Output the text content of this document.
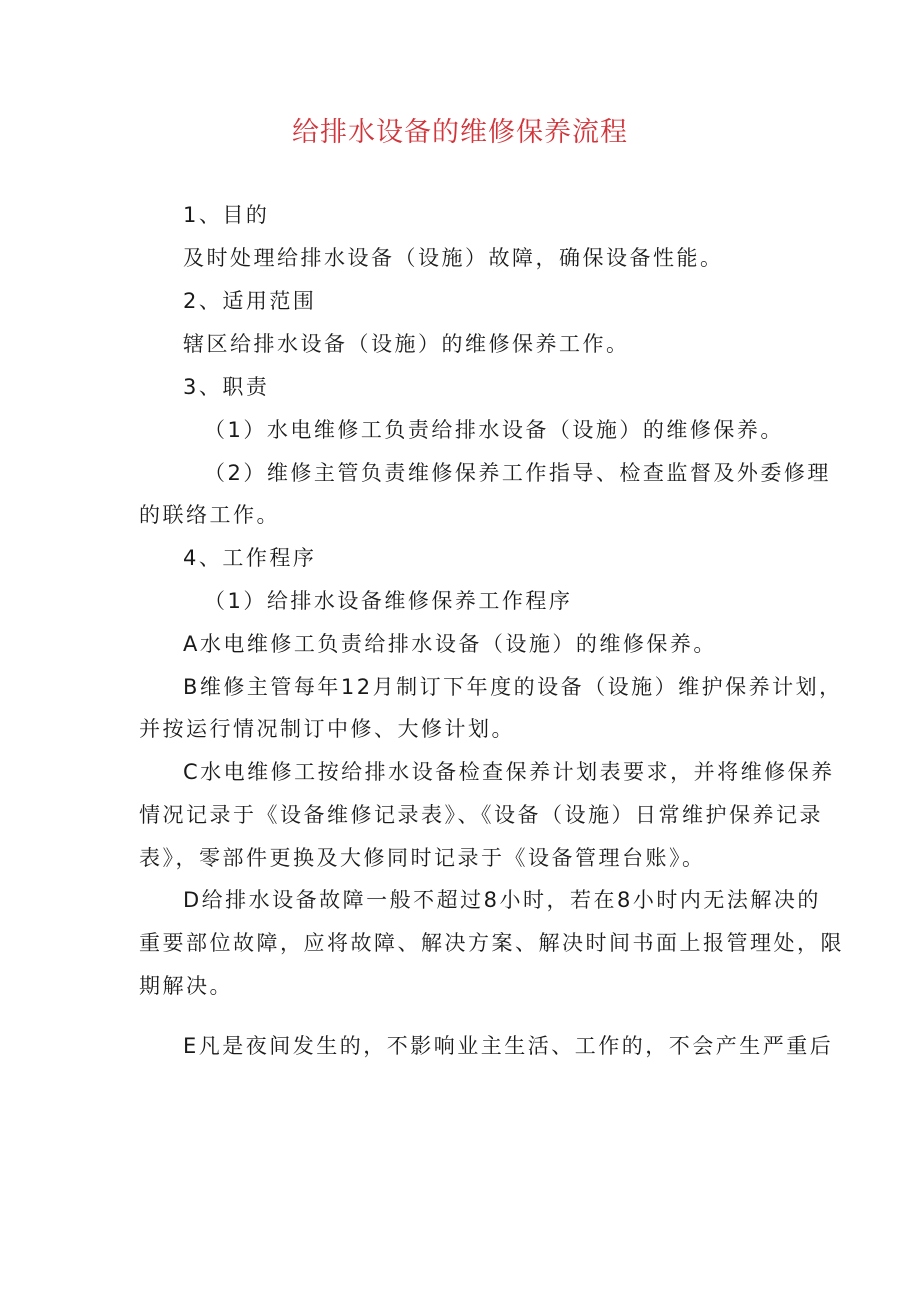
给排水设备的维修保养流程
1、目的
及时处理给排水设备（设施）故障，确保设备性能。
2、适用范围
辖区给排水设备（设施）的维修保养工作。
3、职责
（1）水电维修工负责给排水设备（设施）的维修保养。
（2）维修主管负责维修保养工作指导、检查监督及外委修理
的联络工作。
4、工作程序
（1）给排水设备维修保养工作程序
A水电维修工负责给排水设备（设施）的维修保养。
B维修主管每年12月制订下年度的设备（设施）维护保养计划，
并按运行情况制订中修、大修计划。
C水电维修工按给排水设备检查保养计划表要求，并将维修保养
情况记录于《设备维修记录表》、《设备（设施）日常维护保养记录
表》，零部件更换及大修同时记录于《设备管理台账》。
D给排水设备故障一般不超过8小时，若在8小时内无法解决的
重要部位故障，应将故障、解决方案、解决时间书面上报管理处，限
期解决。
E凡是夜间发生的，不影响业主生活、工作的，不会产生严重后
